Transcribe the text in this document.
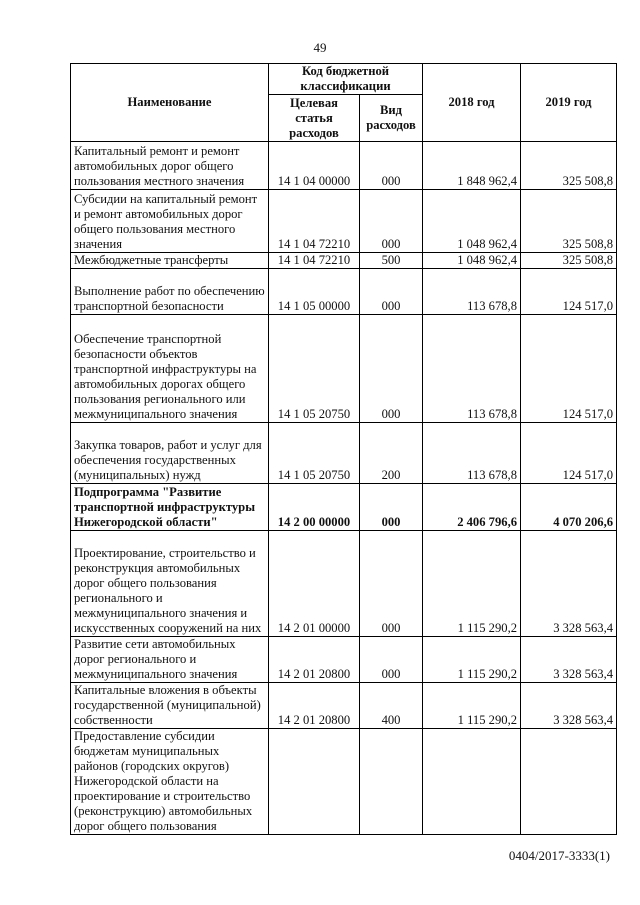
49
Наименование	Код бюджетной классификации		2018 год	2019 год
	Целевая статья расходов	Вид расходов		
Капитальный ремонт и ремонт автомобильных дорог общего пользования местного значения	14 1 04 00000	000	1 848 962,4	325 508,8
Субсидии на капитальный ремонт и ремонт автомобильных дорог общего пользования местного значения	14 1 04 72210	000	1 048 962,4	325 508,8
Межбюджетные трансферты	14 1 04 72210	500	1 048 962,4	325 508,8
Выполнение работ по обеспечению транспортной безопасности	14 1 05 00000	000	113 678,8	124 517,0
Обеспечение транспортной безопасности объектов транспортной инфраструктуры на автомобильных дорогах общего пользования регионального или межмуниципального значения	14 1 05 20750	000	113 678,8	124 517,0
Закупка товаров, работ и услуг для обеспечения государственных (муниципальных) нужд	14 1 05 20750	200	113 678,8	124 517,0
Подпрограмма "Развитие транспортной инфраструктуры Нижегородской области"	14 2 00 00000	000	2 406 796,6	4 070 206,6
Проектирование, строительство и реконструкция автомобильных дорог общего пользования регионального и межмуниципального значения и искусственных сооружений на них	14 2 01 00000	000	1 115 290,2	3 328 563,4
Развитие сети автомобильных дорог регионального и межмуниципального значения	14 2 01 20800	000	1 115 290,2	3 328 563,4
Капитальные вложения в объекты государственной (муниципальной) собственности	14 2 01 20800	400	1 115 290,2	3 328 563,4
Предоставление субсидии бюджетам муниципальных районов (городских округов) Нижегородской области на проектирование и строительство (реконструкцию) автомобильных дорог общего пользования				
0404/2017-3333(1)
